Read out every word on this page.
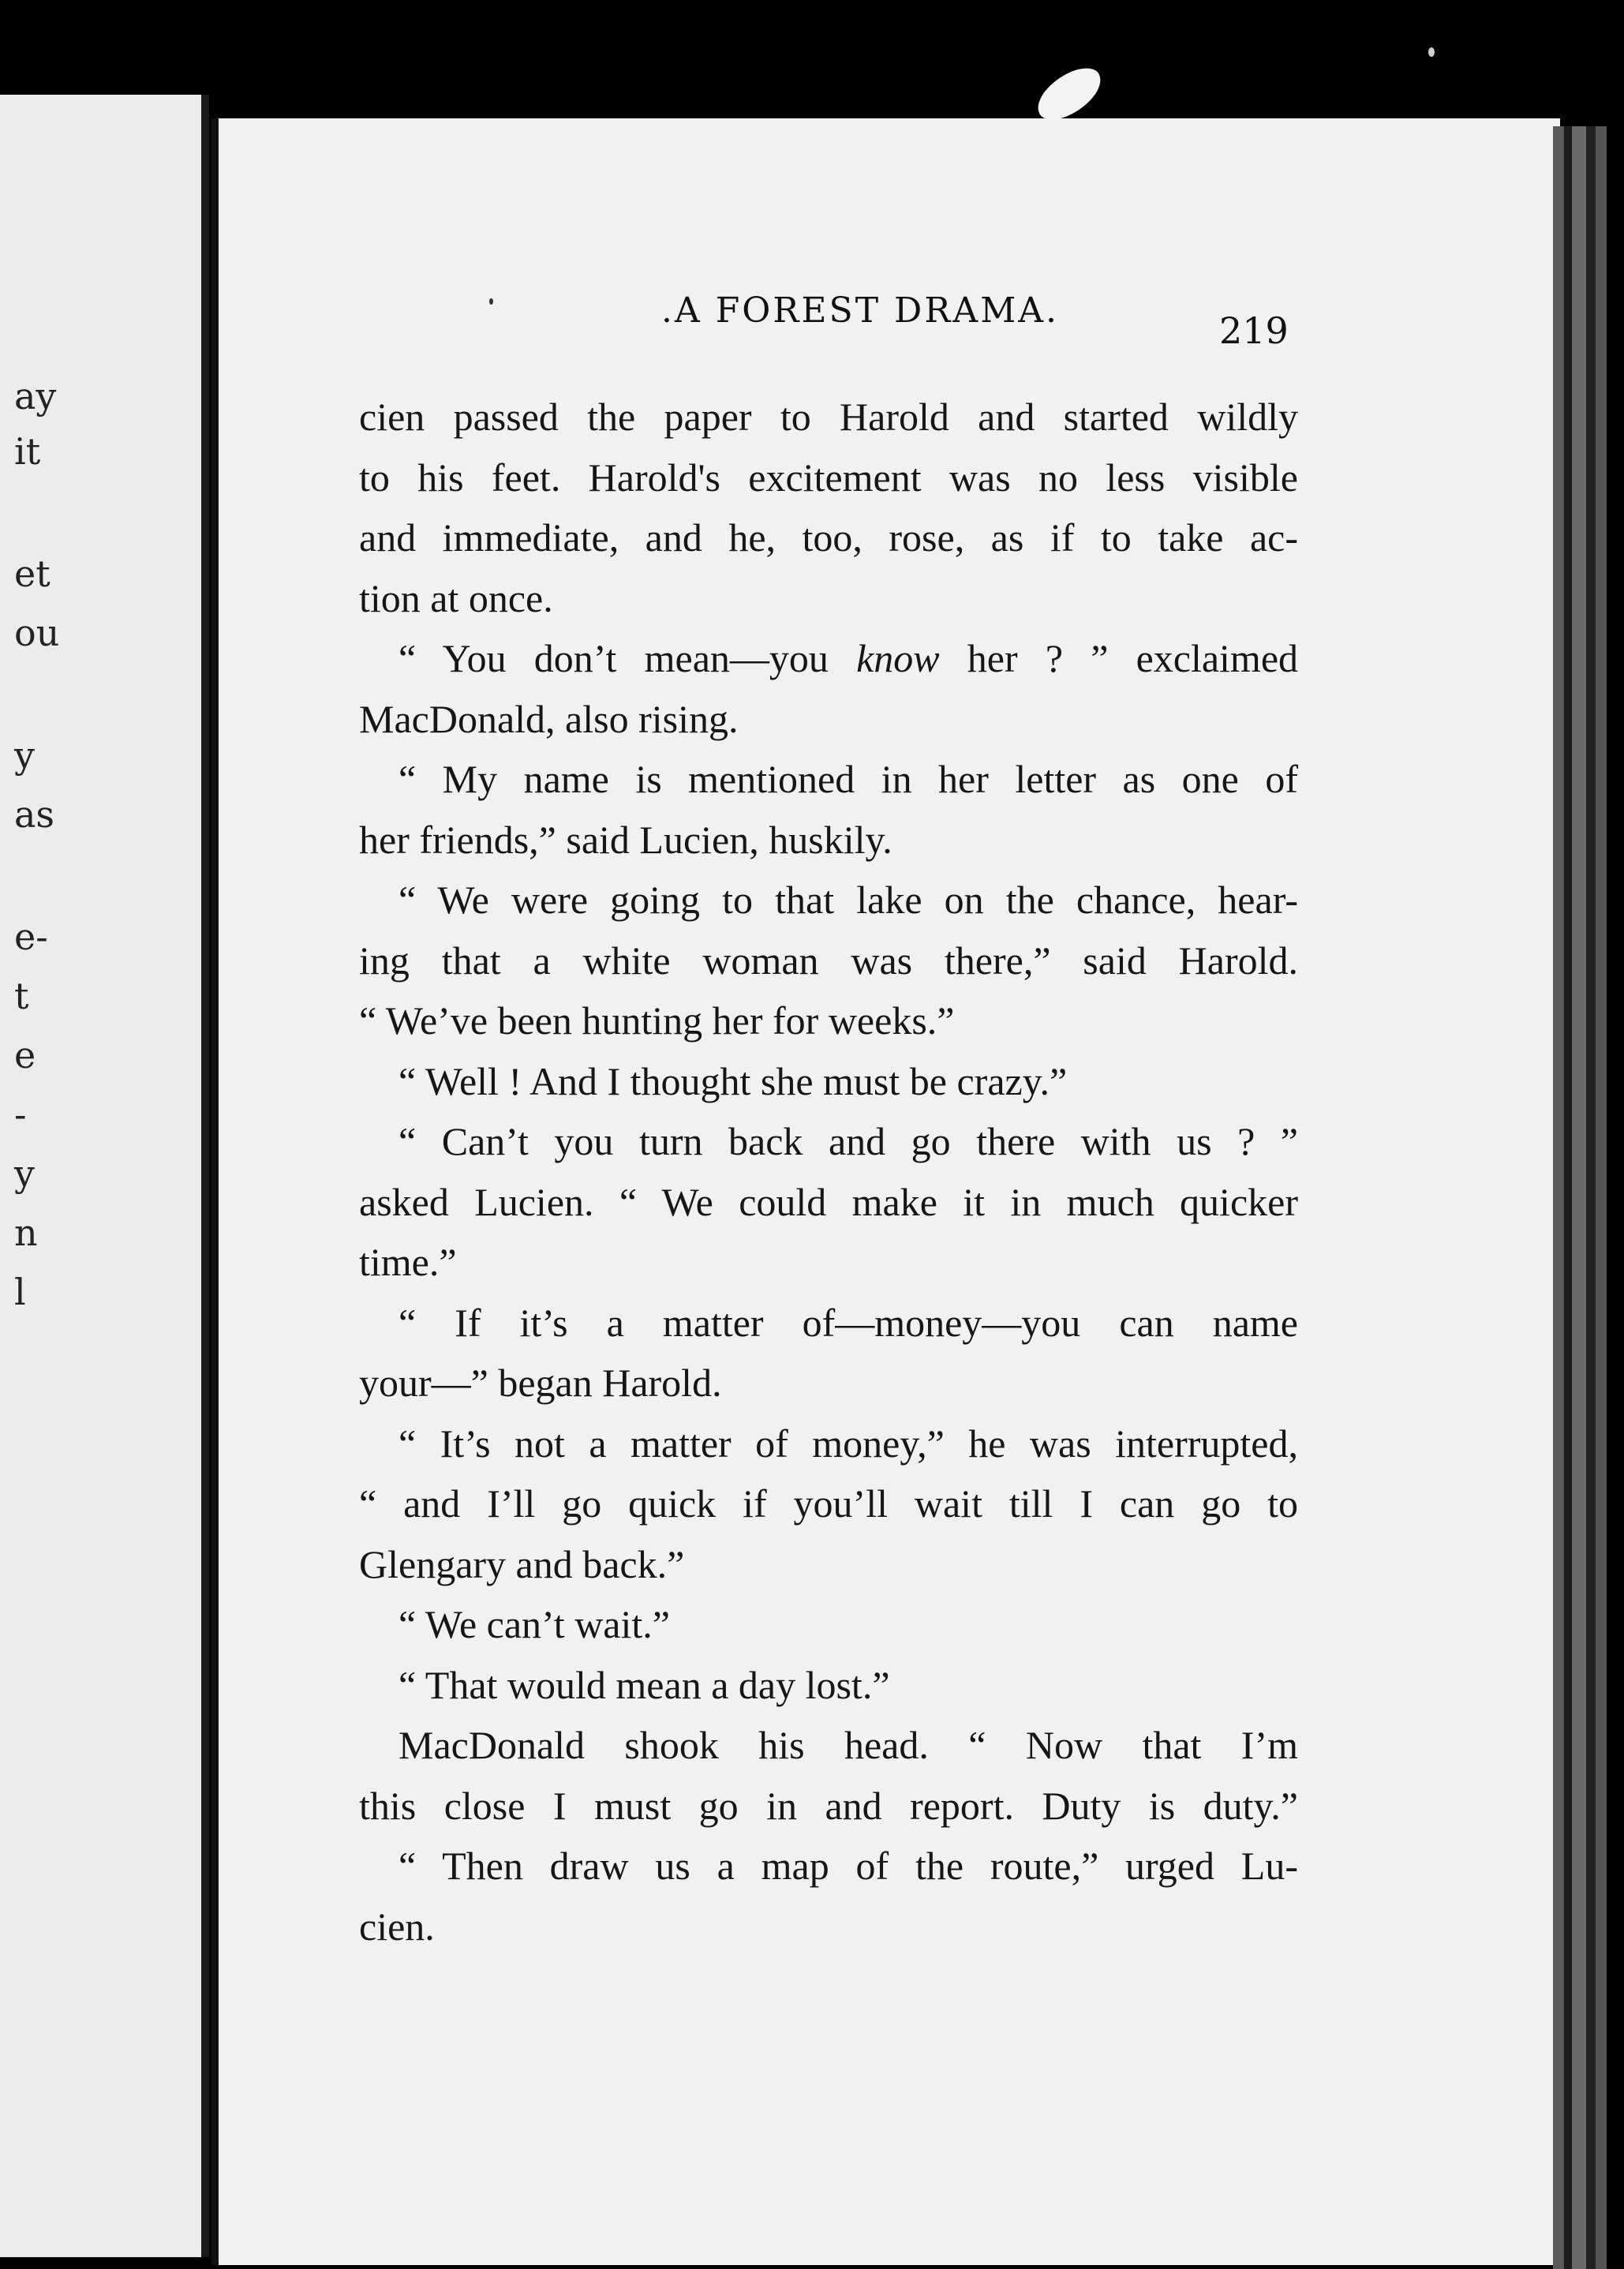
ay
it
et
ou
y
as
e-
t
e
-
y
n
l
.A FOREST DRAMA.	219
cien passed the paper to Harold and started wildly
to his feet. Harold's excitement was no less visible
and immediate, and he, too, rose, as if to take ac-
tion at once.
“ You don’t mean—you know her ? ” exclaimed
MacDonald, also rising.
“ My name is mentioned in her letter as one of
her friends,” said Lucien, huskily.
“ We were going to that lake on the chance, hear-
ing that a white woman was there,” said Harold.
“ We’ve been hunting her for weeks.”
“ Well ! And I thought she must be crazy.”
“ Can’t you turn back and go there with us ? ”
asked Lucien. “ We could make it in much quicker
time.”
“ If it’s a matter of—money—you can name
your—” began Harold.
“ It’s not a matter of money,” he was interrupted,
“ and I’ll go quick if you’ll wait till I can go to
Glengary and back.”
“ We can’t wait.”
“ That would mean a day lost.”
MacDonald shook his head. “ Now that I’m
this close I must go in and report. Duty is duty.”
“ Then draw us a map of the route,” urged Lu-
cien.
